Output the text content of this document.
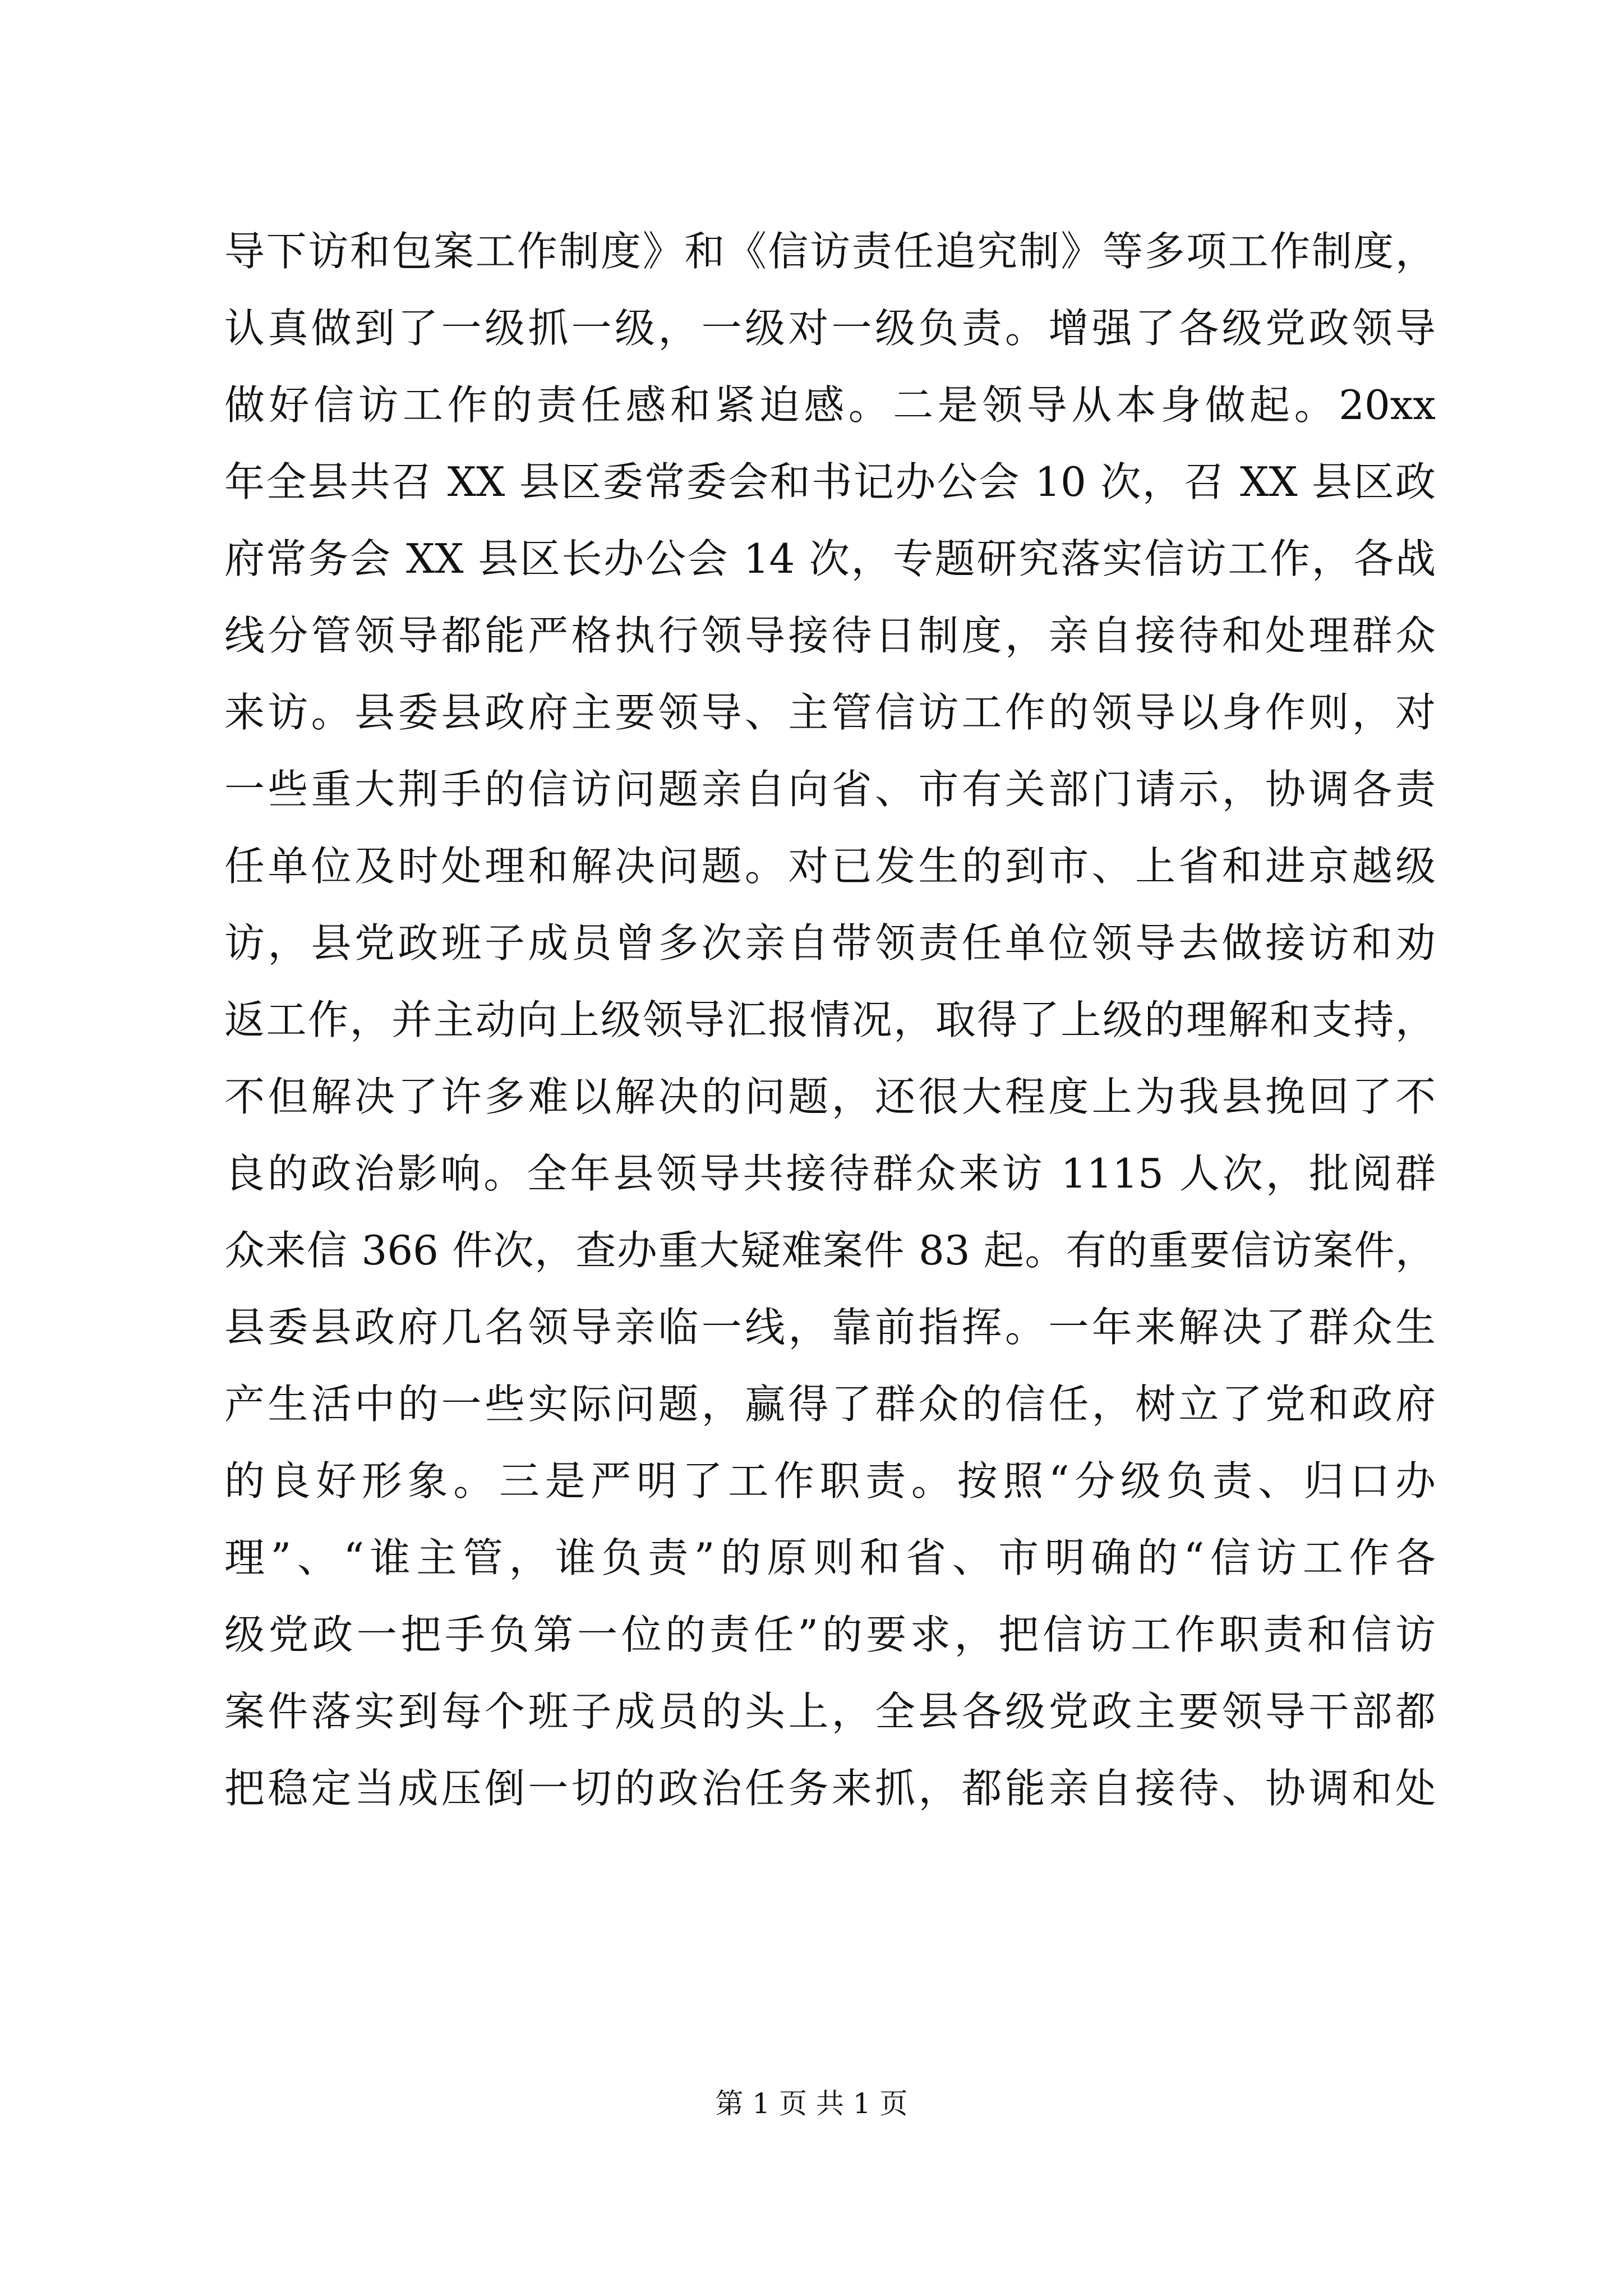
导下访和包案工作制度》和《信访责任追究制》等多项工作制度，
认真做到了一级抓一级，一级对一级负责。增强了各级党政领导
做好信访工作的责任感和紧迫感。二是领导从本身做起。20xx
年全县共召 XX 县区委常委会和书记办公会 10 次，召 XX 县区政
府常务会 XX 县区长办公会 14 次，专题研究落实信访工作，各战
线分管领导都能严格执行领导接待日制度，亲自接待和处理群众
来访。县委县政府主要领导、主管信访工作的领导以身作则，对
一些重大荆手的信访问题亲自向省、市有关部门请示，协调各责
任单位及时处理和解决问题。对已发生的到市、上省和进京越级
访，县党政班子成员曾多次亲自带领责任单位领导去做接访和劝
返工作，并主动向上级领导汇报情况，取得了上级的理解和支持，
不但解决了许多难以解决的问题，还很大程度上为我县挽回了不
良的政治影响。全年县领导共接待群众来访 1115 人次，批阅群
众来信 366 件次，查办重大疑难案件 83 起。有的重要信访案件，
县委县政府几名领导亲临一线，靠前指挥。一年来解决了群众生
产生活中的一些实际问题，赢得了群众的信任，树立了党和政府
的良好形象。三是严明了工作职责。按照“分级负责、归口办
理”、“谁主管，谁负责”的原则和省、市明确的“信访工作各
级党政一把手负第一位的责任”的要求，把信访工作职责和信访
案件落实到每个班子成员的头上，全县各级党政主要领导干部都
把稳定当成压倒一切的政治任务来抓，都能亲自接待、协调和处
第 1 页 共 1 页
